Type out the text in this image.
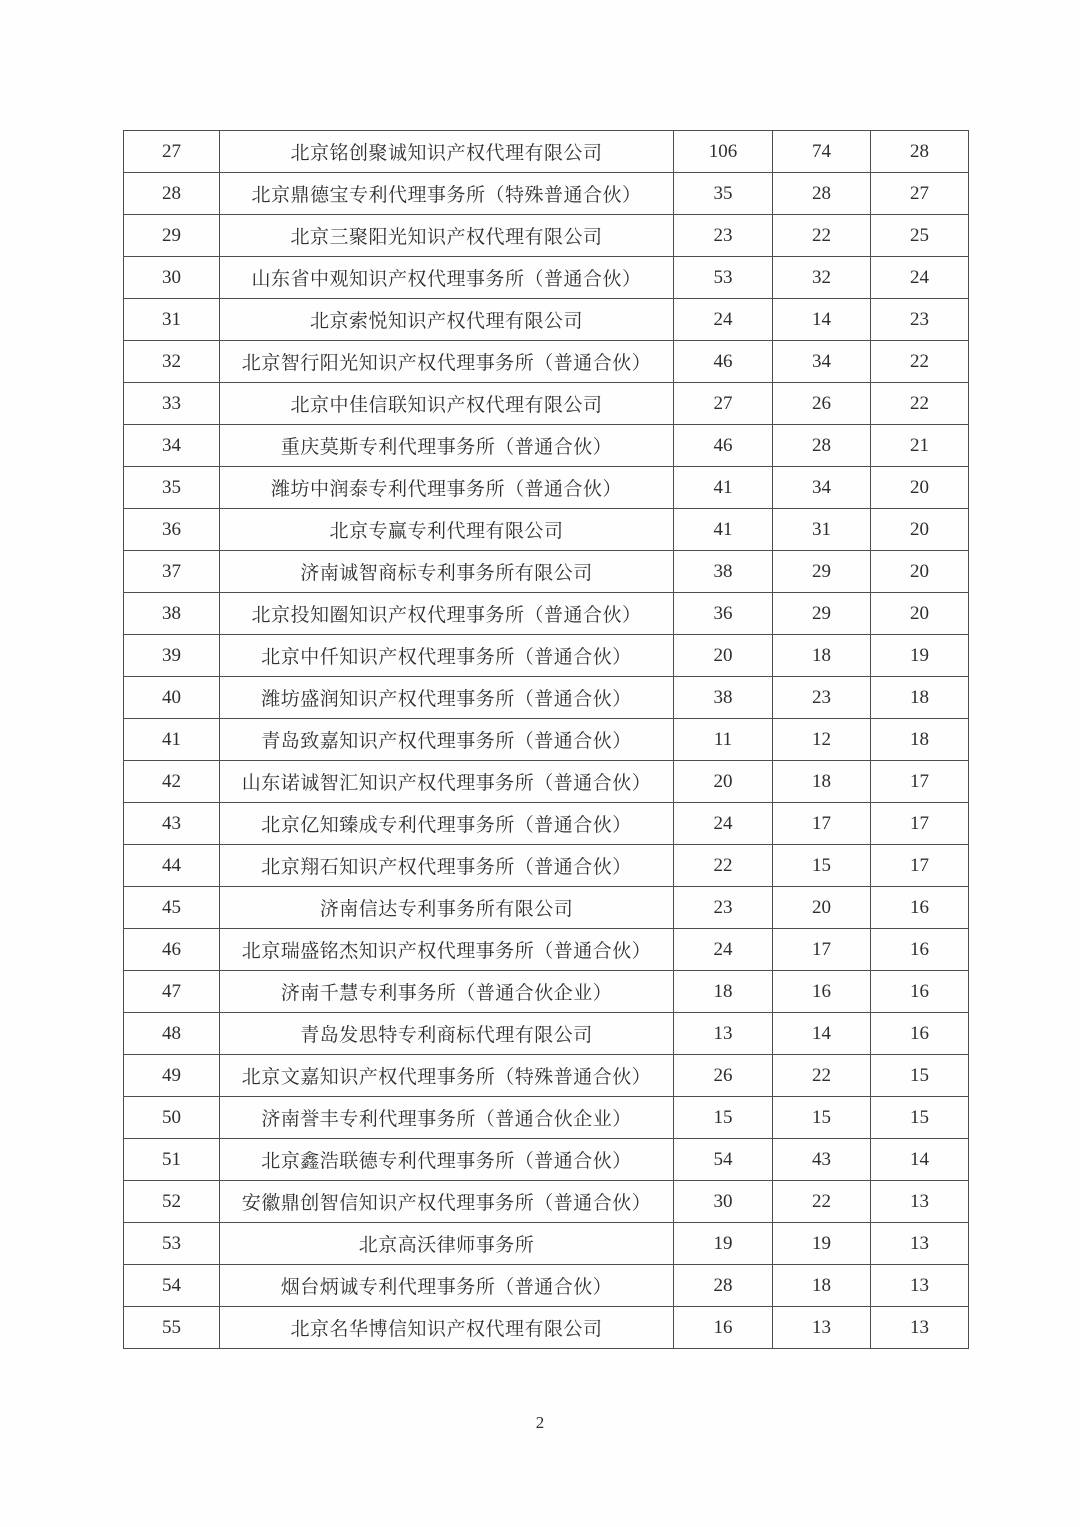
27	北京铭创聚诚知识产权代理有限公司	106	74	28
28	北京鼎德宝专利代理事务所（特殊普通合伙）	35	28	27
29	北京三聚阳光知识产权代理有限公司	23	22	25
30	山东省中观知识产权代理事务所（普通合伙）	53	32	24
31	北京索悦知识产权代理有限公司	24	14	23
32	北京智行阳光知识产权代理事务所（普通合伙）	46	34	22
33	北京中佳信联知识产权代理有限公司	27	26	22
34	重庆莫斯专利代理事务所（普通合伙）	46	28	21
35	潍坊中润泰专利代理事务所（普通合伙）	41	34	20
36	北京专赢专利代理有限公司	41	31	20
37	济南诚智商标专利事务所有限公司	38	29	20
38	北京投知圈知识产权代理事务所（普通合伙）	36	29	20
39	北京中仟知识产权代理事务所（普通合伙）	20	18	19
40	潍坊盛润知识产权代理事务所（普通合伙）	38	23	18
41	青岛致嘉知识产权代理事务所（普通合伙）	11	12	18
42	山东诺诚智汇知识产权代理事务所（普通合伙）	20	18	17
43	北京亿知臻成专利代理事务所（普通合伙）	24	17	17
44	北京翔石知识产权代理事务所（普通合伙）	22	15	17
45	济南信达专利事务所有限公司	23	20	16
46	北京瑞盛铭杰知识产权代理事务所（普通合伙）	24	17	16
47	济南千慧专利事务所（普通合伙企业）	18	16	16
48	青岛发思特专利商标代理有限公司	13	14	16
49	北京文嘉知识产权代理事务所（特殊普通合伙）	26	22	15
50	济南誉丰专利代理事务所（普通合伙企业）	15	15	15
51	北京鑫浩联德专利代理事务所（普通合伙）	54	43	14
52	安徽鼎创智信知识产权代理事务所（普通合伙）	30	22	13
53	北京高沃律师事务所	19	19	13
54	烟台炳诚专利代理事务所（普通合伙）	28	18	13
55	北京名华博信知识产权代理有限公司	16	13	13
2
